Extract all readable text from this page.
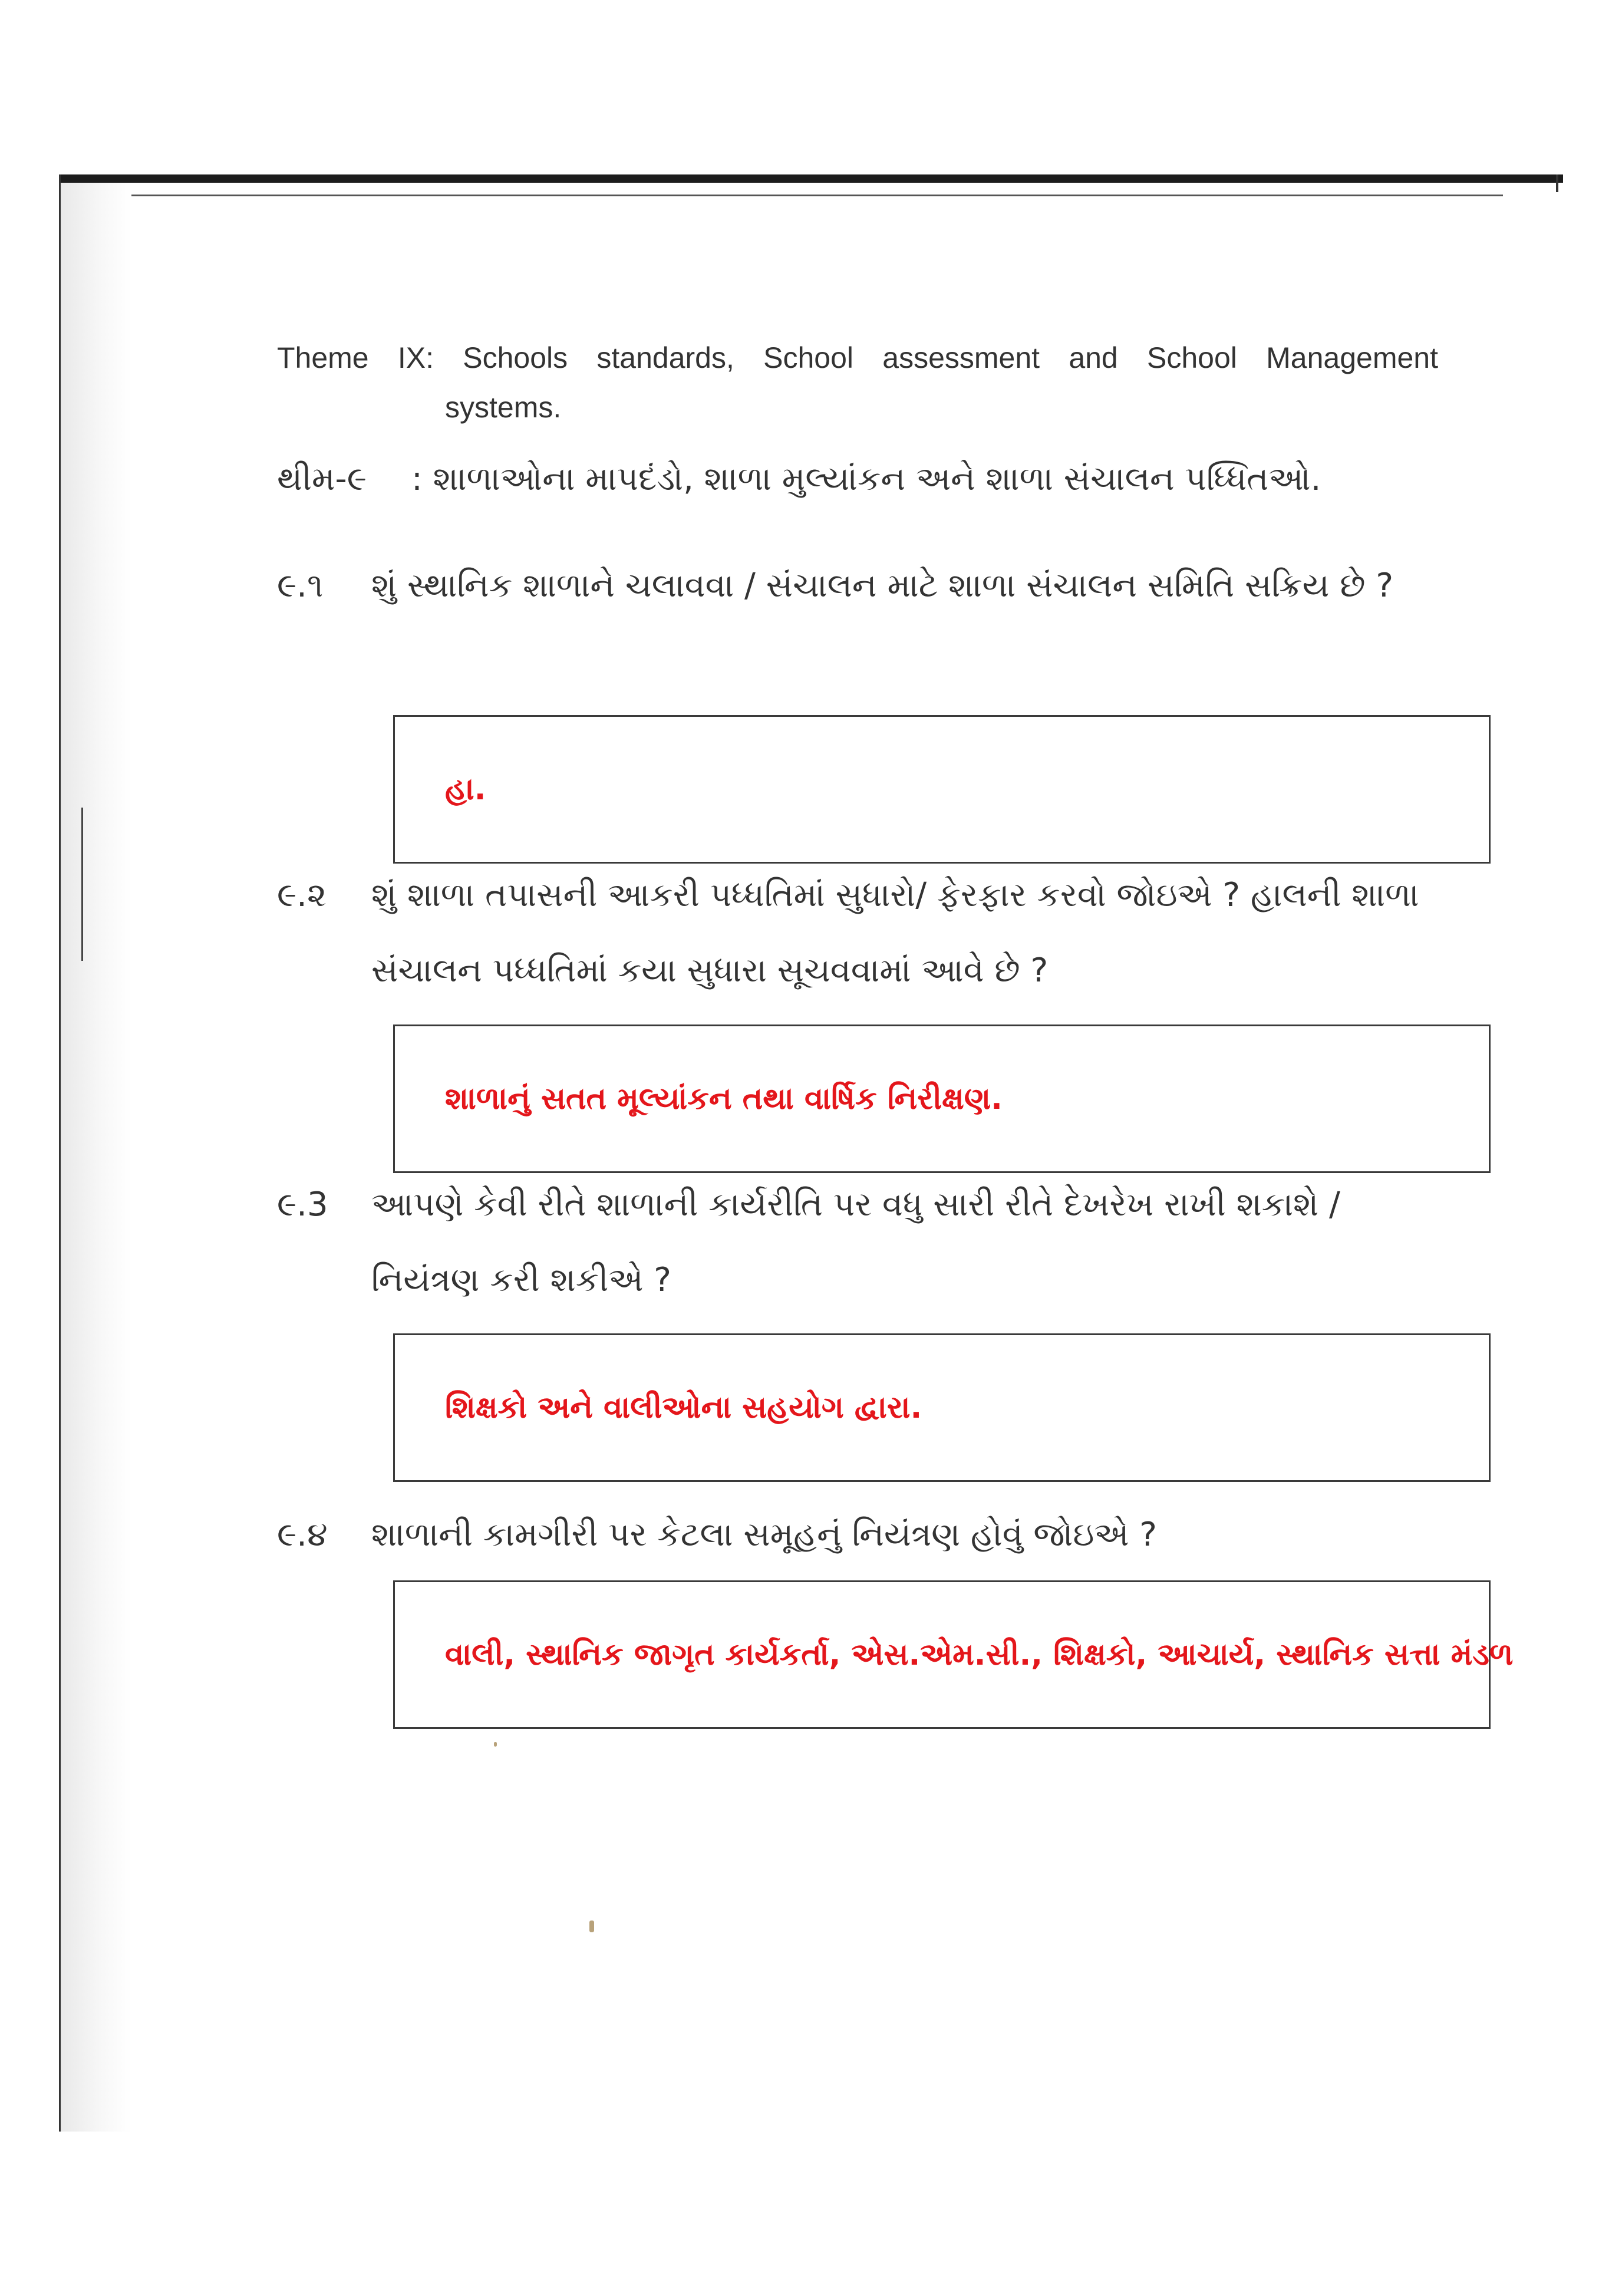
Theme IX: Schools standards, School assessment and School Management
systems.
થીમ-૯ : શાળાઓના માપદંડો, શાળા મુલ્યાંકન અને શાળા સંચાલન પધ્ધિતઓ.
૯.૧	શું સ્થાનિક શાળાને ચલાવવા / સંચાલન માટે શાળા સંચાલન સમિતિ સક્રિય છે ?
હા.
૯.૨	શું શાળા તપાસની આકરી પધ્ધતિમાં સુધારો/ ફેરફાર કરવો જોઇએ ? હાલની શાળા સંચાલન પધ્ધતિમાં કયા સુધારા સૂચવવામાં આવે છે ?
શાળાનું સતત મૂલ્યાંકન તથા વાર્ષિક નિરીક્ષણ.
૯.3	આપણે કેવી રીતે શાળાની કાર્યરીતિ પર વધુ સારી રીતે દેખરેખ રાખી શકાશે / નિયંત્રણ કરી શકીએ ?
શિક્ષકો અને વાલીઓના સહયોગ દ્વારા.
૯.૪	શાળાની કામગીરી પર કેટલા સમૂહનું નિયંત્રણ હોવું જોઇએ ?
વાલી, સ્થાનિક જાગૃત કાર્યકર્તા, એસ.એમ.સી., શિક્ષકો, આચાર્ય, સ્થાનિક સત્તા મંડળ
